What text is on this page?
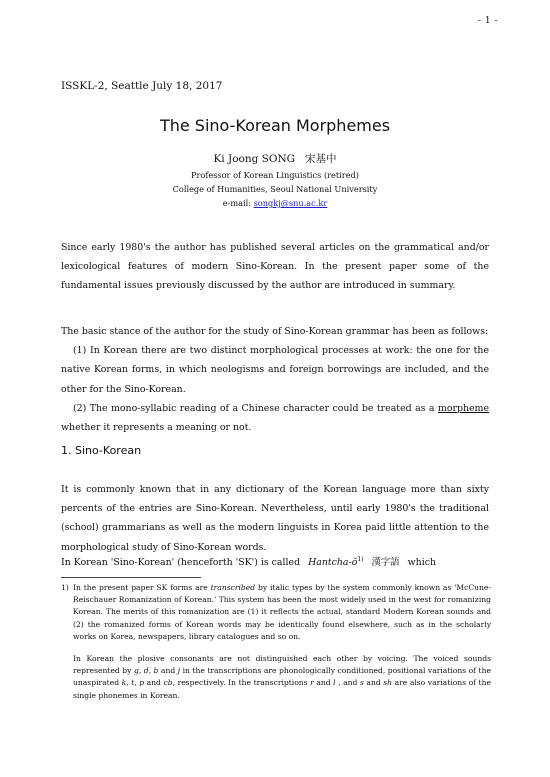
- 1 -
ISSKL-2, Seattle July 18, 2017
The Sino-Korean Morphemes
Ki Joong SONG 宋基中
Professor of Korean Linguistics (retired)
College of Humanities, Seoul National University
e-mail: songkj@snu.ac.kr
Since early 1980's the author has published several articles on the grammatical and/or lexicological features of modern Sino-Korean. In the present paper some of the fundamental issues previously discussed by the author are introduced in summary.
The basic stance of the author for the study of Sino-Korean grammar has been as follows:
(1) In Korean there are two distinct morphological processes at work: the one for the native Korean forms, in which neologisms and foreign borrowings are included, and the other for the Sino-Korean.
(2) The mono-syllabic reading of a Chinese character could be treated as a morpheme whether it represents a meaning or not.
1. Sino-Korean
It is commonly known that in any dictionary of the Korean language more than sixty percents of the entries are Sino-Korean. Nevertheless, until early 1980's the traditional (school) grammarians as well as the modern linguists in Korea paid little attention to the morphological study of Sino-Korean words.
In Korean 'Sino-Korean' (henceforth 'SK') is called Hantcha-$ŏ^{1)}$ 漢字語 which
1) In the present paper SK forms are transcribed by italic types by the system commonly known as 'McCune-Reischauer Romanization of Korean.' This system has been the most widely used in the west for romanizing Korean. The merits of this romanization are (1) it reflects the actual, standard Modern Korean sounds and (2) the romanized forms of Korean words may be identically found elsewhere, such as in the scholarly works on Korea, newspapers, library catalogues and so on.
In Korean the plosive consonants are not distinguished each other by voicing. The voiced sounds represented by g, d, b and j in the transcriptions are phonologically conditioned, positional variations of the unaspirated k, t, p and cb, respectively. In the transcriptions r and l , and s and sh are also variations of the single phonemes in Korean.
